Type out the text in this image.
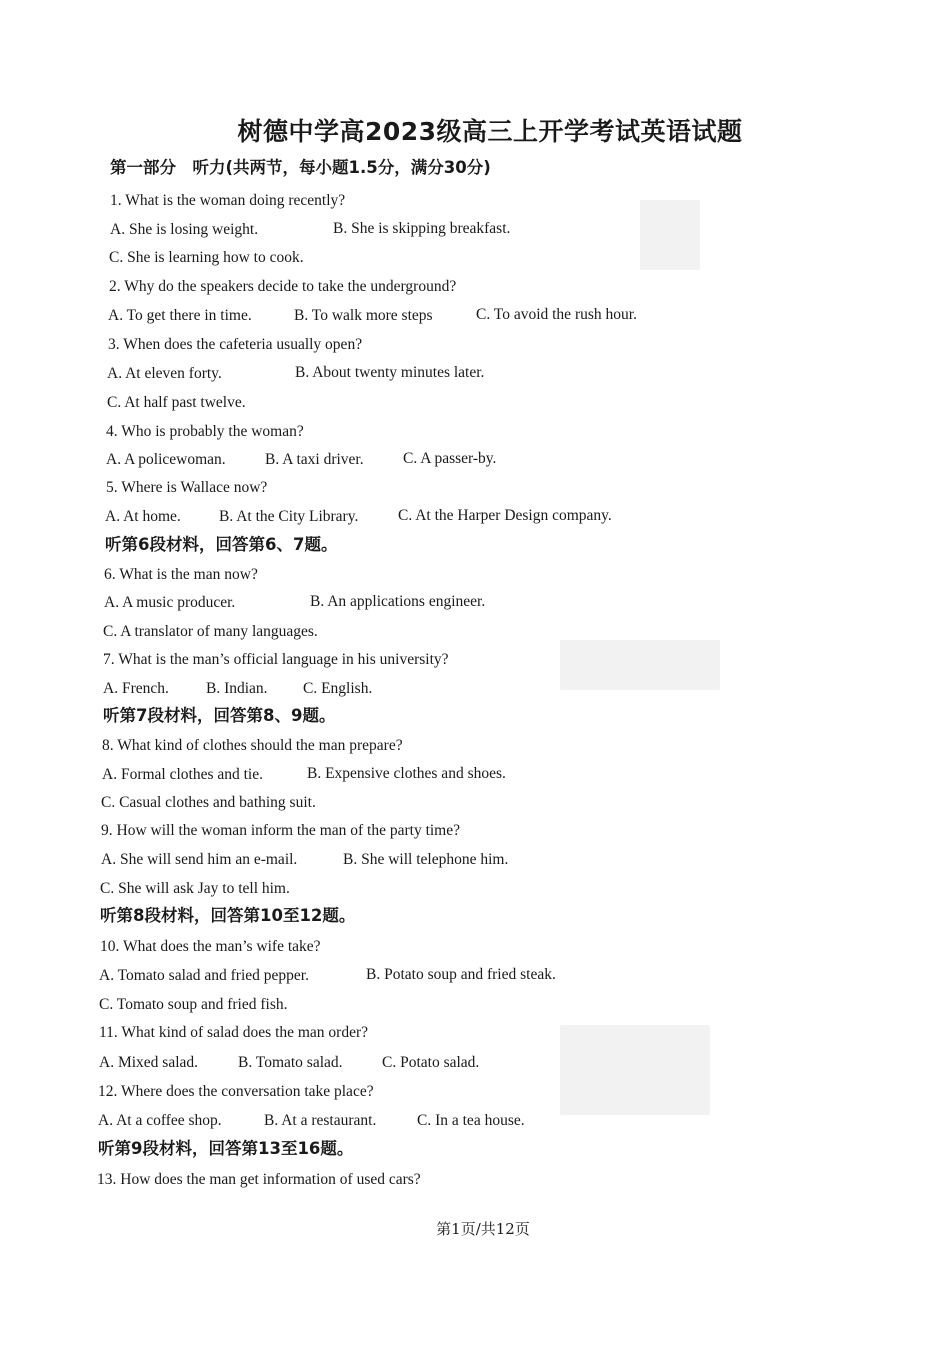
树德中学高2023级高三上开学考试英语试题
第一部分　听力(共两节，每小题1.5分，满分30分)
1. What is the woman doing recently?
A. She is losing weight.	B. She is skipping breakfast.
C. She is learning how to cook.
2. Why do the speakers decide to take the underground?
A. To get there in time.	B. To walk more steps	C. To avoid the rush hour.
3. When does the cafeteria usually open?
A. At eleven forty.	B. About twenty minutes later.
C. At half past twelve.
4. Who is probably the woman?
A. A policewoman.	B. A taxi driver.	C. A passer-by.
5. Where is Wallace now?
A. At home. B. At the City Library.	C. At the Harper Design company.
听第6段材料，回答第6、7题。
6. What is the man now?
A. A music producer.	B. An applications engineer.
C. A translator of many languages.
7. What is the man’s official language in his university?
A. French. B. Indian. C. English.
听第7段材料，回答第8、9题。
8. What kind of clothes should the man prepare?
A. Formal clothes and tie.	B. Expensive clothes and shoes.
C. Casual clothes and bathing suit.
9. How will the woman inform the man of the party time?
A. She will send him an e-mail.	B. She will telephone him.
C. She will ask Jay to tell him.
听第8段材料，回答第10至12题。
10. What does the man’s wife take?
A. Tomato salad and fried pepper.	B. Potato soup and fried steak.
C. Tomato soup and fried fish.
11. What kind of salad does the man order?
A. Mixed salad.	B. Tomato salad.	C. Potato salad.
12. Where does the conversation take place?
A. At a coffee shop.	B. At a restaurant.	C. In a tea house.
听第9段材料，回答第13至16题。
13. How does the man get information of used cars?
第1页/共12页
